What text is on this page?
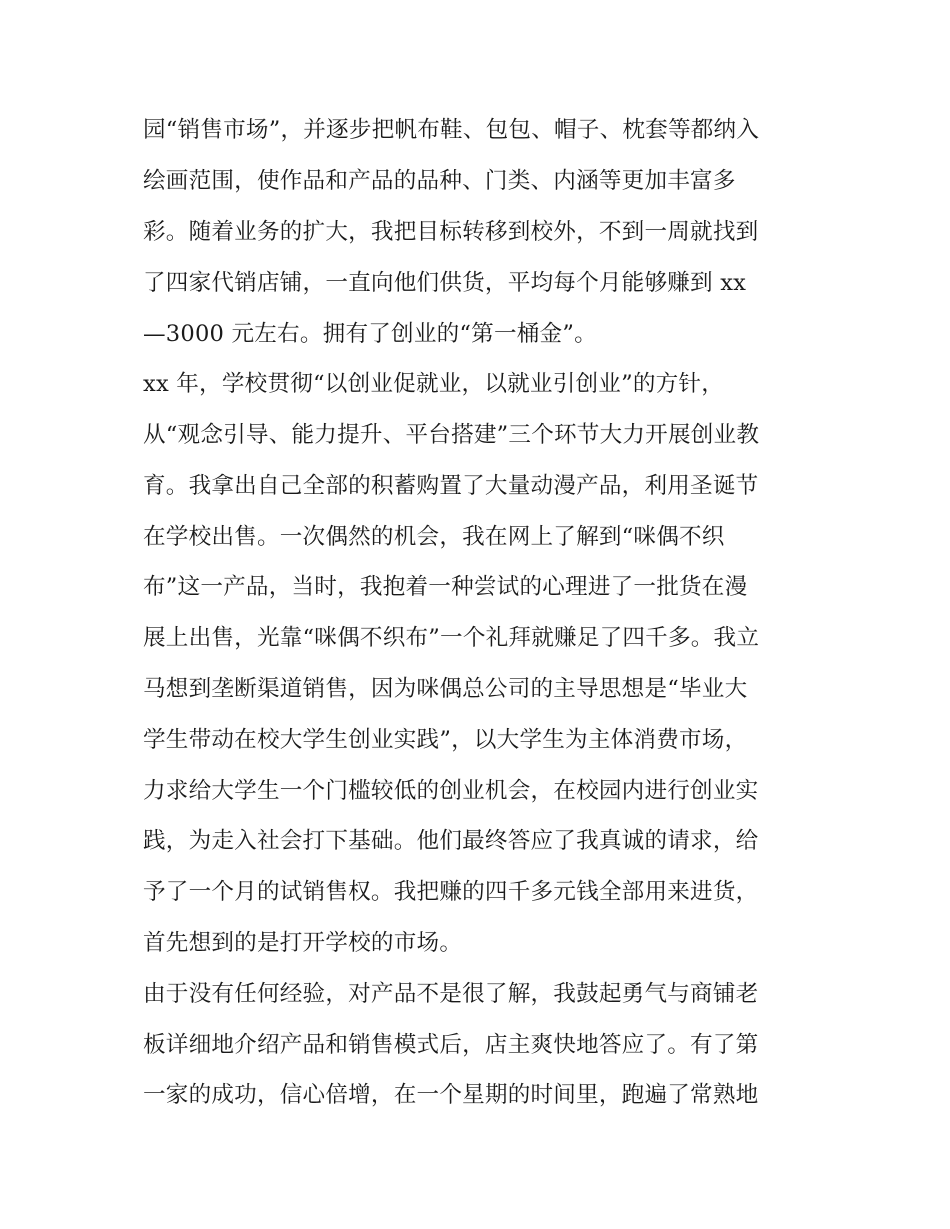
园“销售市场”，并逐步把帆布鞋、包包、帽子、枕套等都纳入
绘画范围，使作品和产品的品种、门类、内涵等更加丰富多
彩。随着业务的扩大，我把目标转移到校外，不到一周就找到
了四家代销店铺，一直向他们供货，平均每个月能够赚到 xx
—3000 元左右。拥有了创业的“第一桶金”。
xx 年，学校贯彻“以创业促就业，以就业引创业”的方针，
从“观念引导、能力提升、平台搭建”三个环节大力开展创业教
育。我拿出自己全部的积蓄购置了大量动漫产品，利用圣诞节
在学校出售。一次偶然的机会，我在网上了解到“咪偶不织
布”这一产品，当时，我抱着一种尝试的心理进了一批货在漫
展上出售，光靠“咪偶不织布”一个礼拜就赚足了四千多。我立
马想到垄断渠道销售，因为咪偶总公司的主导思想是“毕业大
学生带动在校大学生创业实践”，以大学生为主体消费市场，
力求给大学生一个门槛较低的创业机会，在校园内进行创业实
践，为走入社会打下基础。他们最终答应了我真诚的请求，给
予了一个月的试销售权。我把赚的四千多元钱全部用来进货，
首先想到的是打开学校的市场。
由于没有任何经验，对产品不是很了解，我鼓起勇气与商铺老
板详细地介绍产品和销售模式后，店主爽快地答应了。有了第
一家的成功，信心倍增，在一个星期的时间里，跑遍了常熟地
